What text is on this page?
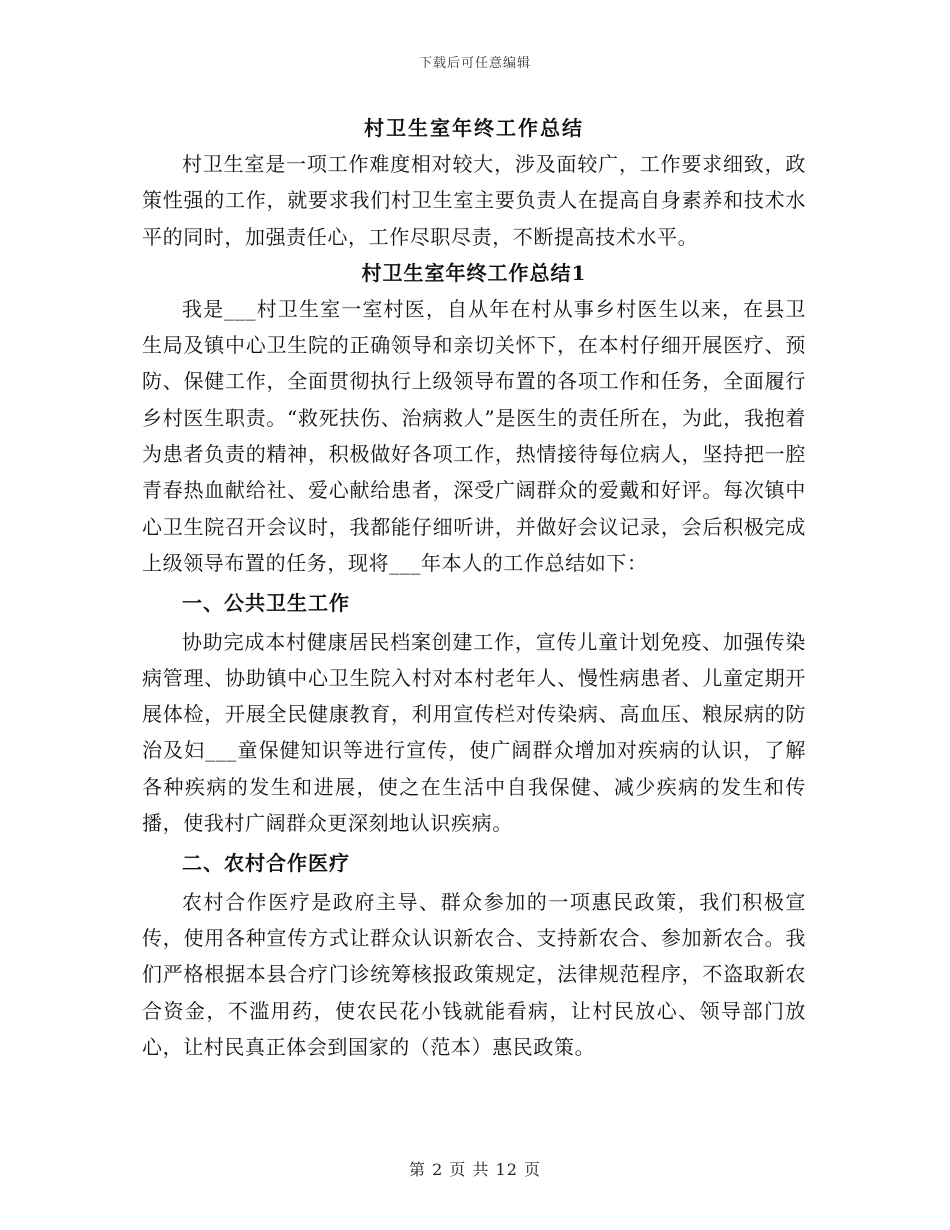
下载后可任意编辑
村卫生室年终工作总结

村卫生室是一项工作难度相对较大，涉及面较广，工作要求细致，政策性强的工作，就要求我们村卫生室主要负责人在提高自身素养和技术水平的同时，加强责任心，工作尽职尽责，不断提高技术水平。

村卫生室年终工作总结1

我是___村卫生室一室村医，自从年在村从事乡村医生以来，在县卫生局及镇中心卫生院的正确领导和亲切关怀下，在本村仔细开展医疗、预防、保健工作，全面贯彻执行上级领导布置的各项工作和任务，全面履行乡村医生职责。“救死扶伤、治病救人”是医生的责任所在，为此，我抱着为患者负责的精神，积极做好各项工作，热情接待每位病人，坚持把一腔青春热血献给社、爱心献给患者，深受广阔群众的爱戴和好评。每次镇中心卫生院召开会议时，我都能仔细听讲，并做好会议记录，会后积极完成上级领导布置的任务，现将___年本人的工作总结如下：

一、公共卫生工作

协助完成本村健康居民档案创建工作，宣传儿童计划免疫、加强传染病管理、协助镇中心卫生院入村对本村老年人、慢性病患者、儿童定期开展体检，开展全民健康教育，利用宣传栏对传染病、高血压、粮尿病的防治及妇___童保健知识等进行宣传，使广阔群众增加对疾病的认识，了解各种疾病的发生和进展，使之在生活中自我保健、减少疾病的发生和传播，使我村广阔群众更深刻地认识疾病。

二、农村合作医疗

农村合作医疗是政府主导、群众参加的一项惠民政策，我们积极宣传，使用各种宣传方式让群众认识新农合、支持新农合、参加新农合。我们严格根据本县合疗门诊统筹核报政策规定，法律规范程序，不盗取新农合资金，不滥用药，使农民花小钱就能看病，让村民放心、领导部门放心，让村民真正体会到国家的（范本）惠民政策。

第 2 页 共 12 页
